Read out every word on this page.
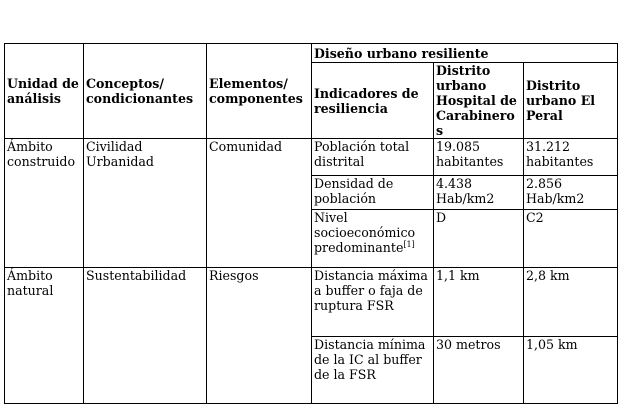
Unidad de análisis	Conceptos/ condicionantes	Elementos/ componentes	Diseño urbano resiliente		
			Indicadores de resiliencia	Distrito urbano Hospital de Carabineros	Distrito urbano El Peral
Ámbito construido	Civilidad Urbanidad	Comunidad	Población total distrital	19.085 habitantes	31.212 habitantes
			Densidad de población	4.438 Hab/km2	2.856 Hab/km2
			Nivel socioeconómico predominante[1]	D	C2
Ámbito natural	Sustentabilidad	Riesgos	Distancia máxima a buffer o faja de ruptura FSR	1,1 km	2,8 km
			Distancia mínima de la IC al buffer de la FSR	30 metros	1,05 km
